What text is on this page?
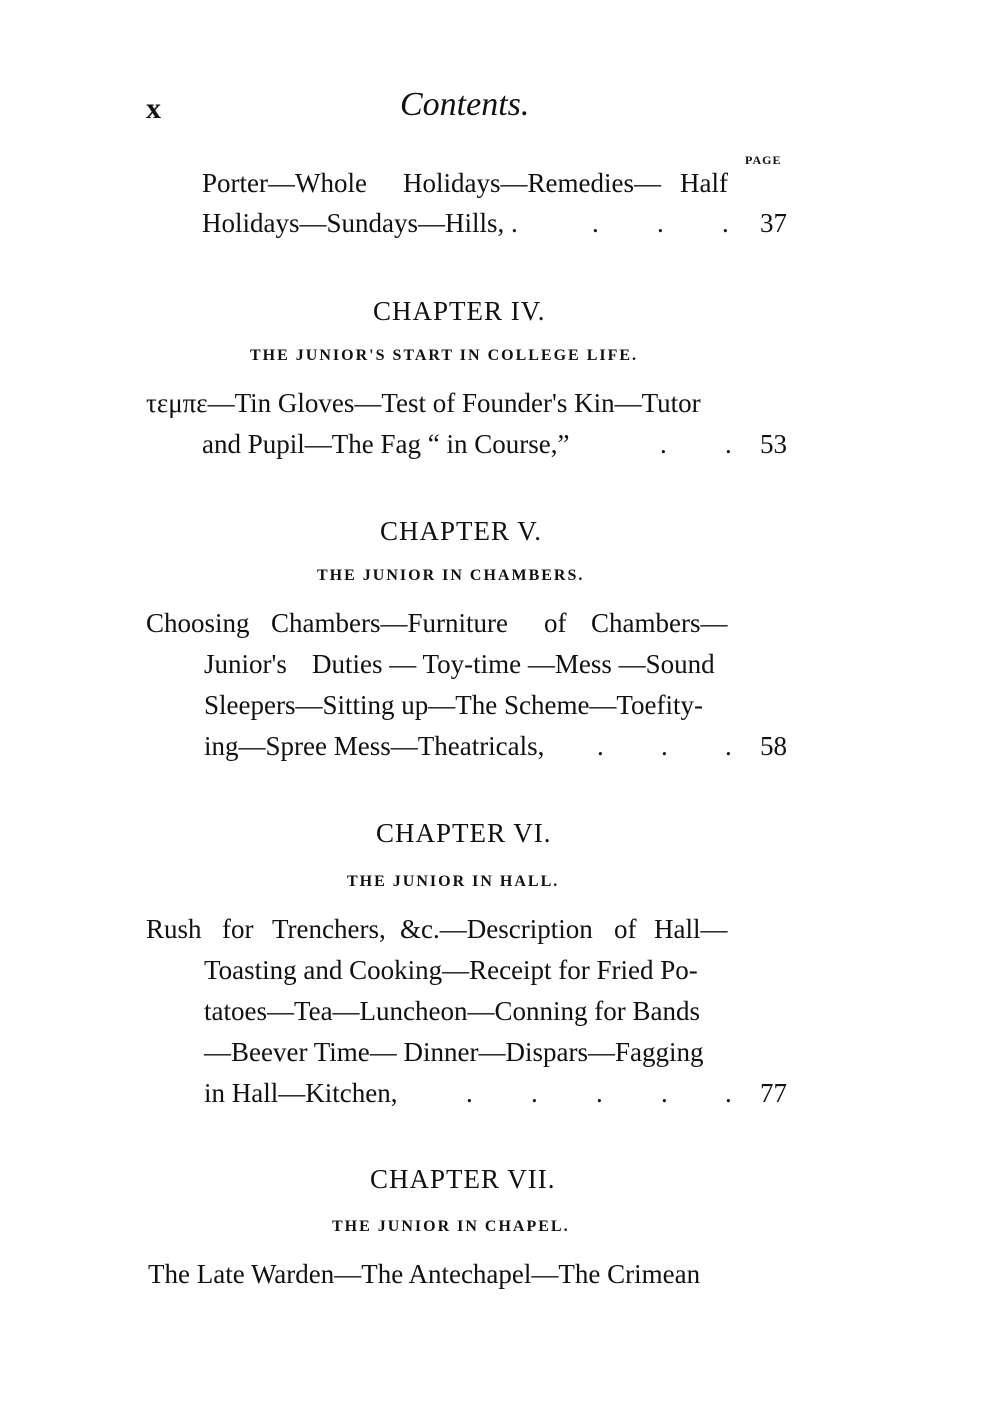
x	Contents.
PAGE
Porter—Whole Holidays—Remedies— Half
Holidays—Sundays—Hills, .	. . . 37
CHAPTER IV.
THE JUNIOR'S START IN COLLEGE LIFE.
τεμπε—Tin Gloves—Test of Founder's Kin—Tutor
and Pupil—The Fag “ in Course,”	. . 53
CHAPTER V.
THE JUNIOR IN CHAMBERS.
Choosing Chambers—Furniture of Chambers—
Junior's Duties — Toy-time —Mess —Sound
Sleepers—Sitting up—The Scheme—Toefity-
ing—Spree Mess—Theatricals, . . . 58
CHAPTER VI.
THE JUNIOR IN HALL.
Rush for Trenchers, &c.—Description of Hall—
Toasting and Cooking—Receipt for Fried Po-
tatoes—Tea—Luncheon—Conning for Bands
—Beever Time— Dinner—Dispars—Fagging
in Hall—Kitchen,	. . . . . 77
CHAPTER VII.
THE JUNIOR IN CHAPEL.
The Late Warden—The Antechapel—The Crimean
